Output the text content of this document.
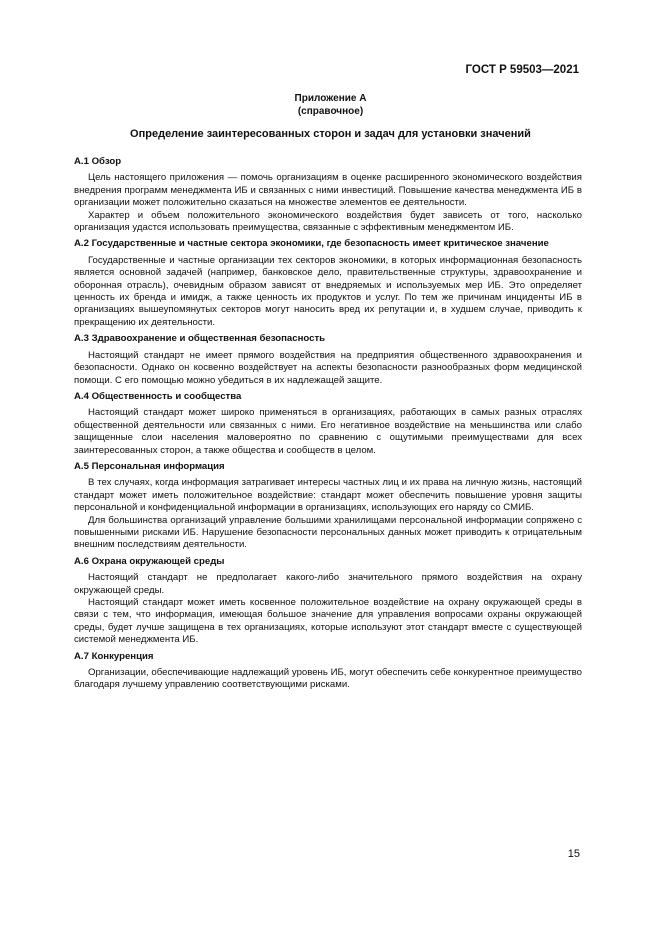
ГОСТ Р 59503—2021
Приложение А
(справочное)
Определение заинтересованных сторон и задач для установки значений
А.1 Обзор

Цель настоящего приложения — помочь организациям в оценке расширенного экономического воздействия внедрения программ менеджмента ИБ и связанных с ними инвестиций. Повышение качества менеджмента ИБ в организации может положительно сказаться на множестве элементов ее деятельности.

Характер и объем положительного экономического воздействия будет зависеть от того, насколько организация удастся использовать преимущества, связанные с эффективным менеджментом ИБ.

А.2 Государственные и частные сектора экономики, где безопасность имеет критическое значение

Государственные и частные организации тех секторов экономики, в которых информационная безопасность является основной задачей (например, банковское дело, правительственные структуры, здравоохранение и оборонная отрасль), очевидным образом зависят от внедряемых и используемых мер ИБ. Это определяет ценность их бренда и имидж, а также ценность их продуктов и услуг. По тем же причинам инциденты ИБ в организациях вышеупомянутых секторов могут наносить вред их репутации и, в худшем случае, приводить к прекращению их деятельности.

А.3 Здравоохранение и общественная безопасность

Настоящий стандарт не имеет прямого воздействия на предприятия общественного здравоохранения и безопасности. Однако он косвенно воздействует на аспекты безопасности разнообразных форм медицинской помощи. С его помощью можно убедиться в их надлежащей защите.

А.4 Общественность и сообщества

Настоящий стандарт может широко применяться в организациях, работающих в самых разных отраслях общественной деятельности или связанных с ними. Его негативное воздействие на меньшинства или слабо защищенные слои населения маловероятно по сравнению с ощутимыми преимуществами для всех заинтересованных сторон, а также общества и сообществ в целом.

А.5 Персональная информация

В тех случаях, когда информация затрагивает интересы частных лиц и их права на личную жизнь, настоящий стандарт может иметь положительное воздействие: стандарт может обеспечить повышение уровня защиты персональной и конфиденциальной информации в организациях, использующих его наряду со СМИБ.

Для большинства организаций управление большими хранилищами персональной информации сопряжено с повышенными рисками ИБ. Нарушение безопасности персональных данных может приводить к отрицательным внешним последствиям деятельности.

А.6 Охрана окружающей среды

Настоящий стандарт не предполагает какого-либо значительного прямого воздействия на охрану окружающей среды.

Настоящий стандарт может иметь косвенное положительное воздействие на охрану окружающей среды в связи с тем, что информация, имеющая большое значение для управления вопросами охраны окружающей среды, будет лучше защищена в тех организациях, которые используют этот стандарт вместе с существующей системой менеджмента ИБ.

А.7 Конкуренция

Организации, обеспечивающие надлежащий уровень ИБ, могут обеспечить себе конкурентное преимущество благодаря лучшему управлению соответствующими рисками.

15
